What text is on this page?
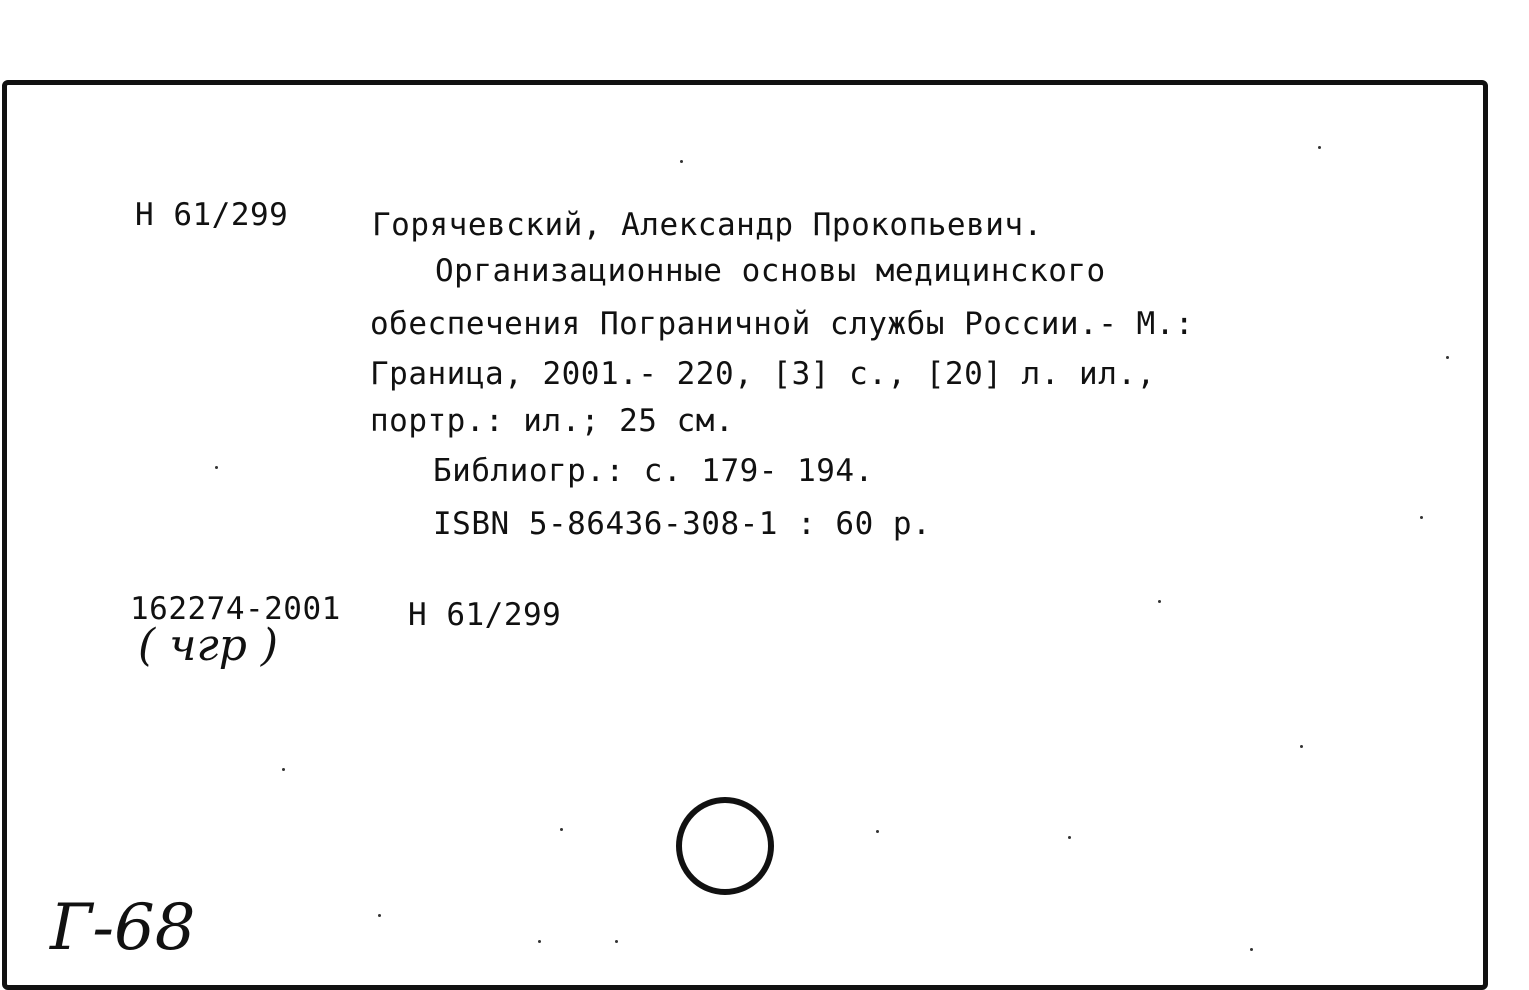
Н 61/299	Горячевский, Александр Прокопьевич.
Организационные основы медицинского
обеспечения Пограничной службы России.- М.:
Граница, 2001.- 220, [3] с., [20] л. ил.,
портр.: ил.; 25 см.
Библиогр.: с. 179- 194.
ISBN 5-86436-308-1 : 60 р.
162274-2001 Н 61/299
( чгр )
Г-68
